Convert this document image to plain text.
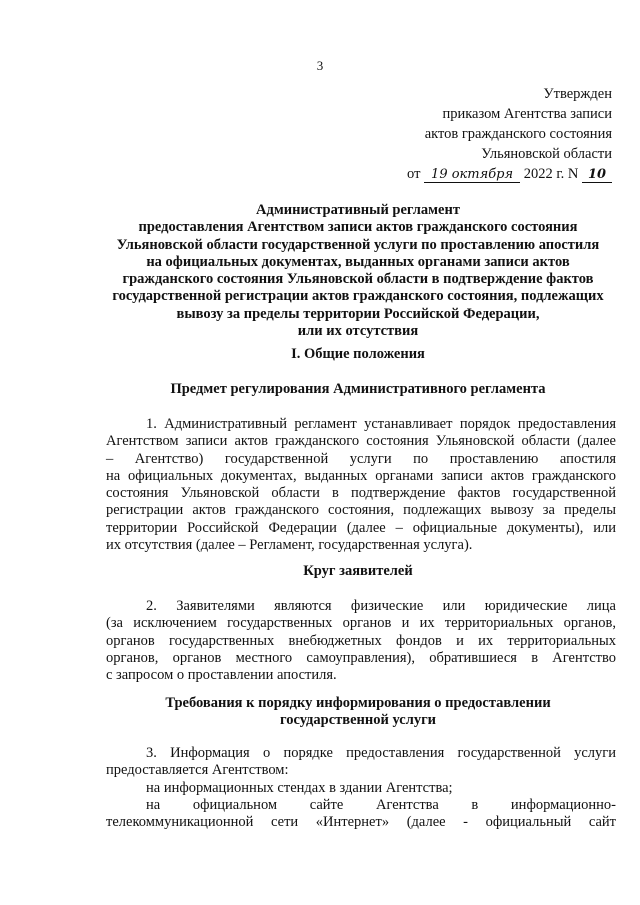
3
Утвержден
приказом Агентства записи
актов гражданского состояния
Ульяновской области
от 19 октября 2022 г. N 10
Административный регламент
предоставления Агентством записи актов гражданского состояния
Ульяновской области государственной услуги по проставлению апостиля
на официальных документах, выданных органами записи актов
гражданского состояния Ульяновской области в подтверждение фактов
государственной регистрации актов гражданского состояния, подлежащих
вывозу за пределы территории Российской Федерации,
или их отсутствия
I. Общие положения
Предмет регулирования Административного регламента
1. Административный регламент устанавливает порядок предоставления
Агентством записи актов гражданского состояния Ульяновской области (далее
– Агентство) государственной услуги по проставлению апостиля
на официальных документах, выданных органами записи актов гражданского
состояния Ульяновской области в подтверждение фактов государственной
регистрации актов гражданского состояния, подлежащих вывозу за пределы
территории Российской Федерации (далее – официальные документы), или
их отсутствия (далее – Регламент, государственная услуга).
Круг заявителей
2. Заявителями являются физические или юридические лица
(за исключением государственных органов и их территориальных органов,
органов государственных внебюджетных фондов и их территориальных
органов, органов местного самоуправления), обратившиеся в Агентство
с запросом о проставлении апостиля.
Требования к порядку информирования о предоставлении
государственной услуги
3. Информация о порядке предоставления государственной услуги
предоставляется Агентством:
на информационных стендах в здании Агентства;
на официальном сайте Агентства в информационно-
телекоммуникационной сети «Интернет» (далее - официальный сайт
